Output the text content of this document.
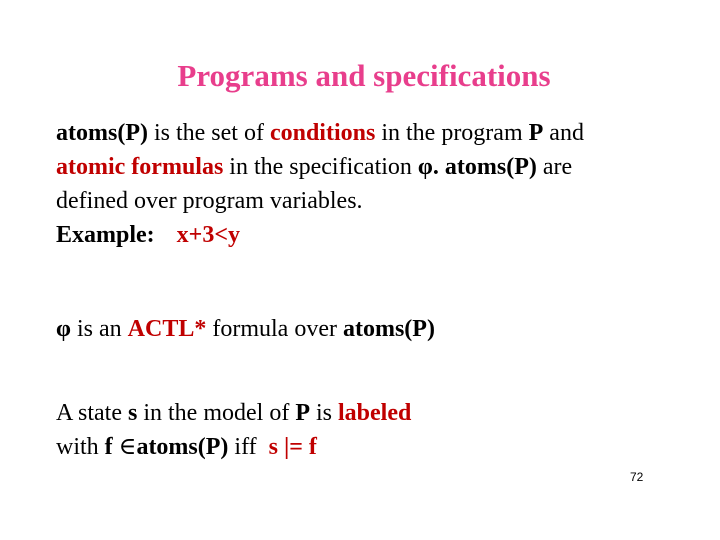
Programs and specifications
atoms(P) is the set of conditions in the program P and
atomic formulas in the specification φ. atoms(P) are
defined over program variables.
Example: x+3<y
φ is an ACTL* formula over atoms(P)
A state s in the model of P is labeled
with f ∈atoms(P) iff s |= f
72
